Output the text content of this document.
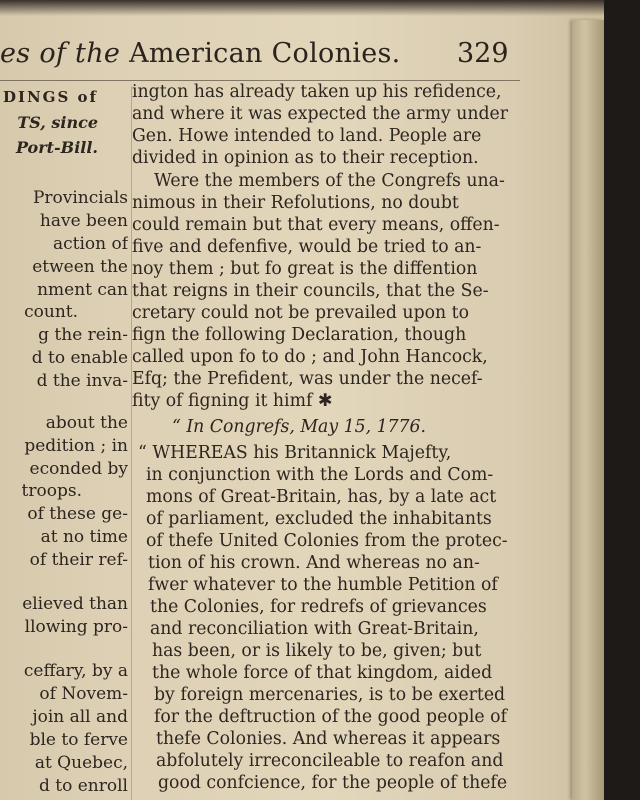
es of the American Colonies. 329
DINGS of
TS, since
Port-Bill.
Provincials
have been
action of
etween the
nment can
count.
g the rein-
d to enable
d the inva-
about the
pedition ; in
econded by
troops.
of these ge-
at no time
of their ref-
elieved than
llowing pro-
ceffary, by a
of Novem-
join all and
ble to ferve
at Quebec,
d to enroll
ington has already taken up his refidence,
and where it was expected the army under
Gen. Howe intended to land. People are
divided in opinion as to their reception.
Were the members of the Congrefs una-
nimous in their Refolutions, no doubt
could remain but that every means, offen-
five and defenfive, would be tried to an-
noy them ; but fo great is the diffention
that reigns in their councils, that the Se-
cretary could not be prevailed upon to
fign the following Declaration, though
called upon fo to do ; and John Hancock,
Efq; the Prefident, was under the necef-
fity of figning it himf ✱
“ In Congrefs, May 15, 1776.
“ WHEREAS his Britannick Majefty,
in conjunction with the Lords and Com-
mons of Great-Britain, has, by a late act
of parliament, excluded the inhabitants
of thefe United Colonies from the protec-
tion of his crown. And whereas no an-
fwer whatever to the humble Petition of
the Colonies, for redrefs of grievances
and reconciliation with Great-Britain,
has been, or is likely to be, given; but
the whole force of that kingdom, aided
by foreign mercenaries, is to be exerted
for the deftruction of the good people of
thefe Colonies. And whereas it appears
abfolutely irreconcileable to reafon and
good confcience, for the people of thefe
